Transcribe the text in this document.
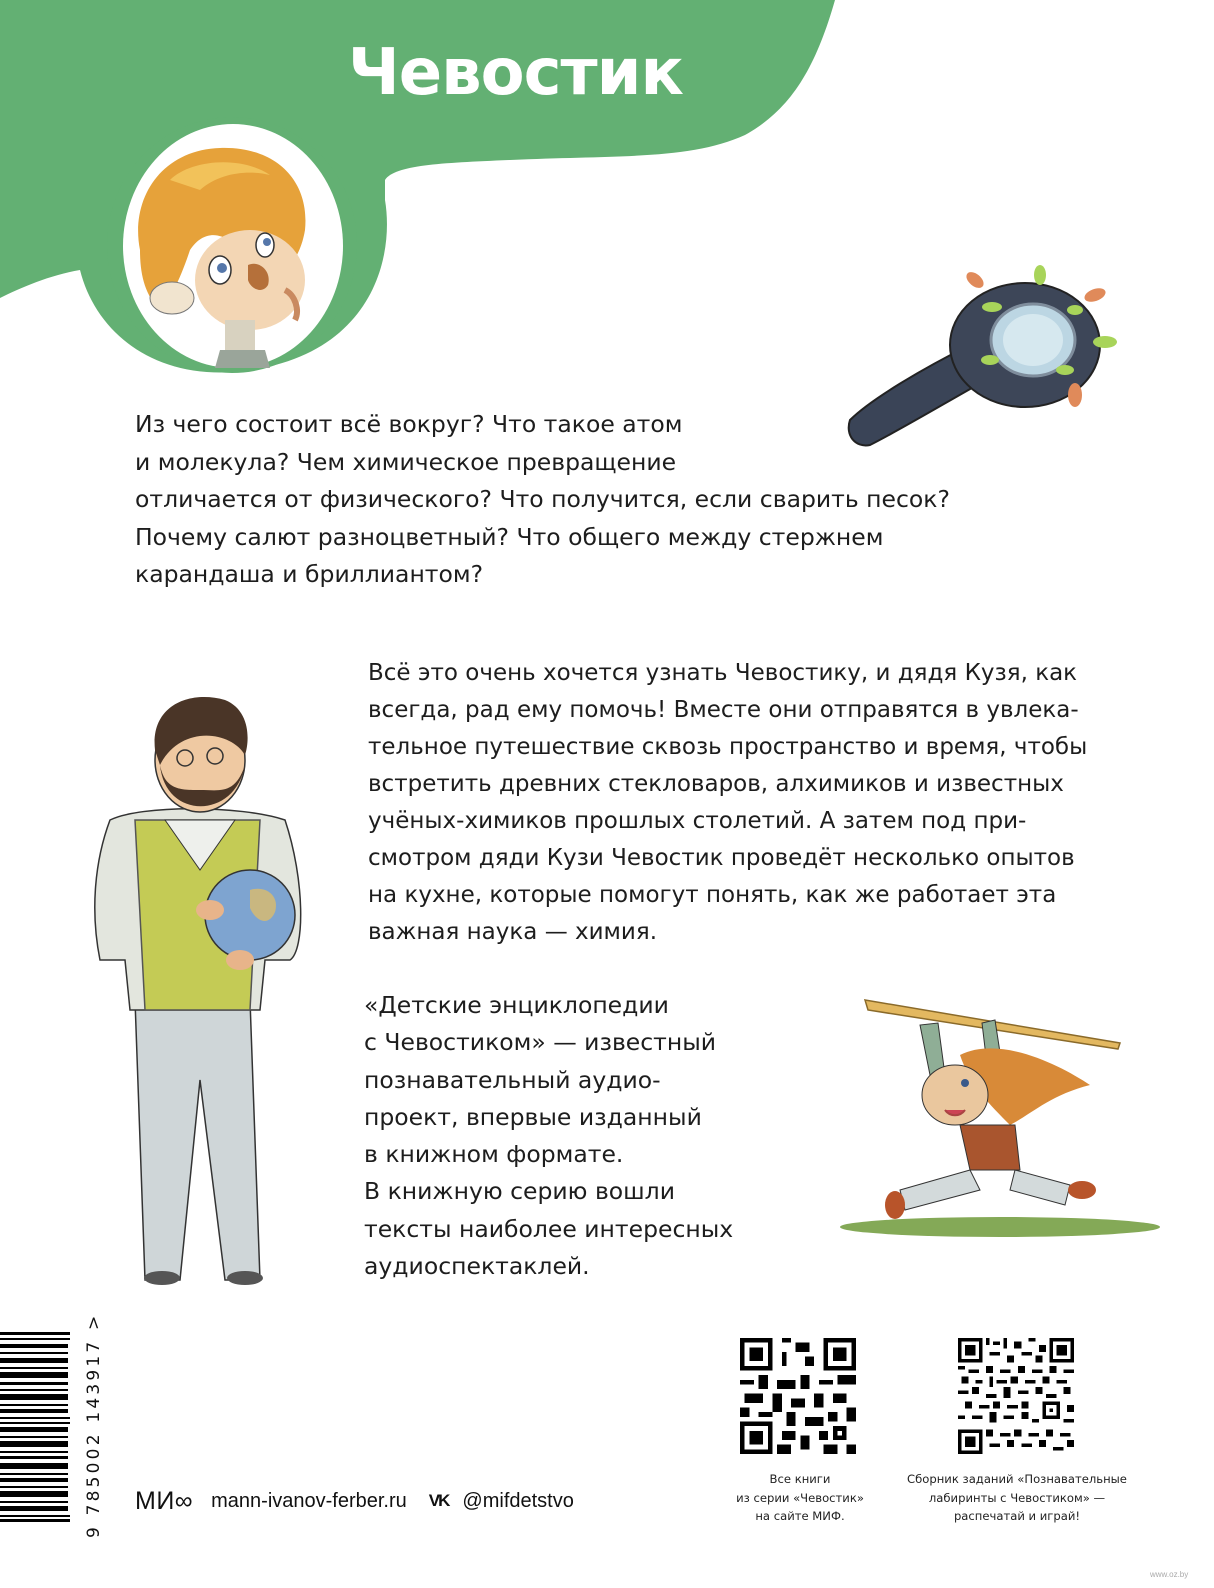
Чевостик
Из чего состоит всё вокруг? Что такое атом
и молекула? Чем химическое превращение
отличается от физического? Что получится, если сварить песок?
Почему салют разноцветный? Что общего между стержнем
карандаша и бриллиантом?
Всё это очень хочется узнать Чевостику, и дядя Кузя, как
всегда, рад ему помочь! Вместе они отправятся в увлека-
тельное путешествие сквозь пространство и время, чтобы
встретить древних стекловаров, алхимиков и известных
учёных-химиков прошлых столетий. А затем под при-
смотром дяди Кузи Чевостик проведёт несколько опытов
на кухне, которые помогут понять, как же работает эта
важная наука — химия.
«Детские энциклопедии
с Чевостиком» — известный
познавательный аудио-
проект, впервые изданный
в книжном формате.
В книжную серию вошли
тексты наиболее интересных
аудиоспектаклей.
9 785002 143917 > МИ∞ mann-ivanov-ferber.ru VK @mifdetstvo
Все книги
из серии «Чевостик»
на сайте МИФ.
Сборник заданий «Познавательные
лабиринты с Чевостиком» —
распечатай и играй!
www.oz.by
